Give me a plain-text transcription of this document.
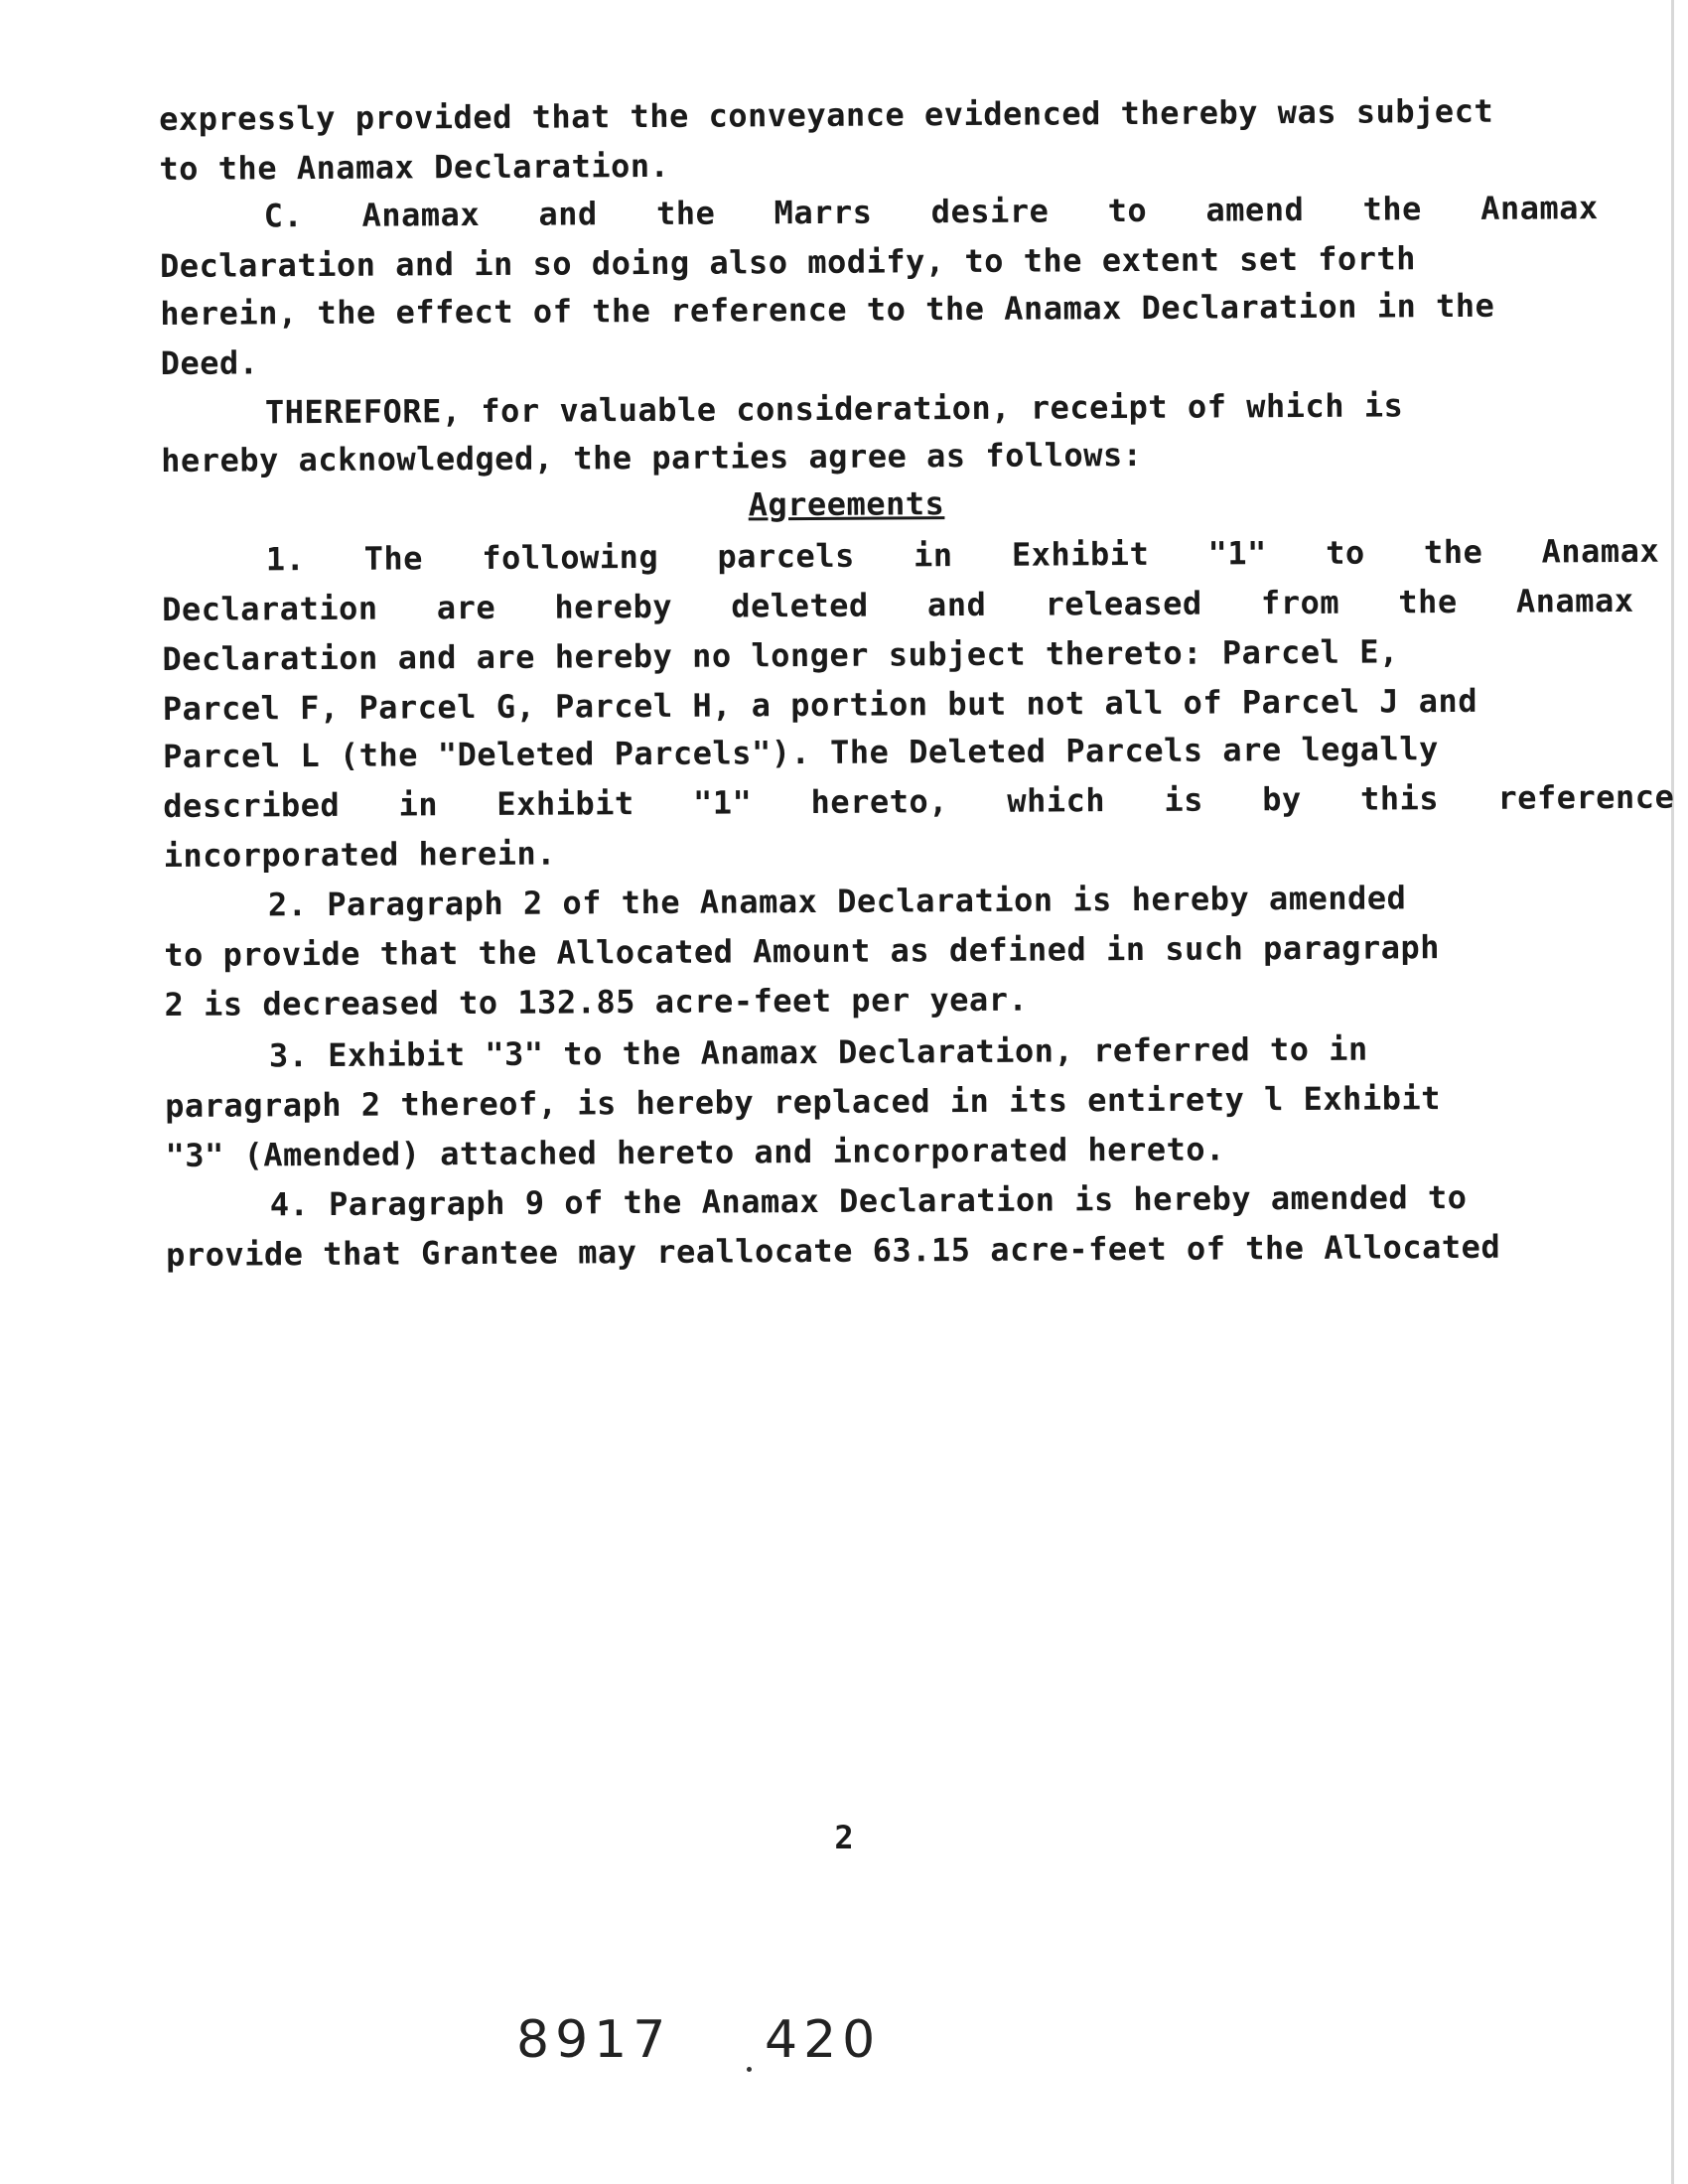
expressly provided that the conveyance evidenced thereby was subject
to the Anamax Declaration.
C.   Anamax   and   the   Marrs   desire   to   amend   the   Anamax
Declaration and in so doing also modify, to the extent set forth
herein, the effect of the reference to the Anamax Declaration in the
Deed.
THEREFORE, for valuable consideration, receipt of which is
hereby acknowledged, the parties agree as follows:
Agreements
1.   The   following   parcels   in   Exhibit   "1"   to   the   Anamax
Declaration   are   hereby   deleted   and   released   from   the   Anamax
Declaration and are hereby no longer subject thereto: Parcel E,
Parcel F, Parcel G, Parcel H, a portion but not all of Parcel J and
Parcel L (the "Deleted Parcels"). The Deleted Parcels are legally
described   in   Exhibit   "1"   hereto,   which   is   by   this   reference
incorporated herein.
2. Paragraph 2 of the Anamax Declaration is hereby amended
to provide that the Allocated Amount as defined in such paragraph
2 is decreased to 132.85 acre-feet per year.
3. Exhibit "3" to the Anamax Declaration, referred to in
paragraph 2 thereof, is hereby replaced in its entirety l Exhibit
"3" (Amended) attached hereto and incorporated hereto.
4. Paragraph 9 of the Anamax Declaration is hereby amended to
provide that Grantee may reallocate 63.15 acre-feet of the Allocated
2
8917 420
